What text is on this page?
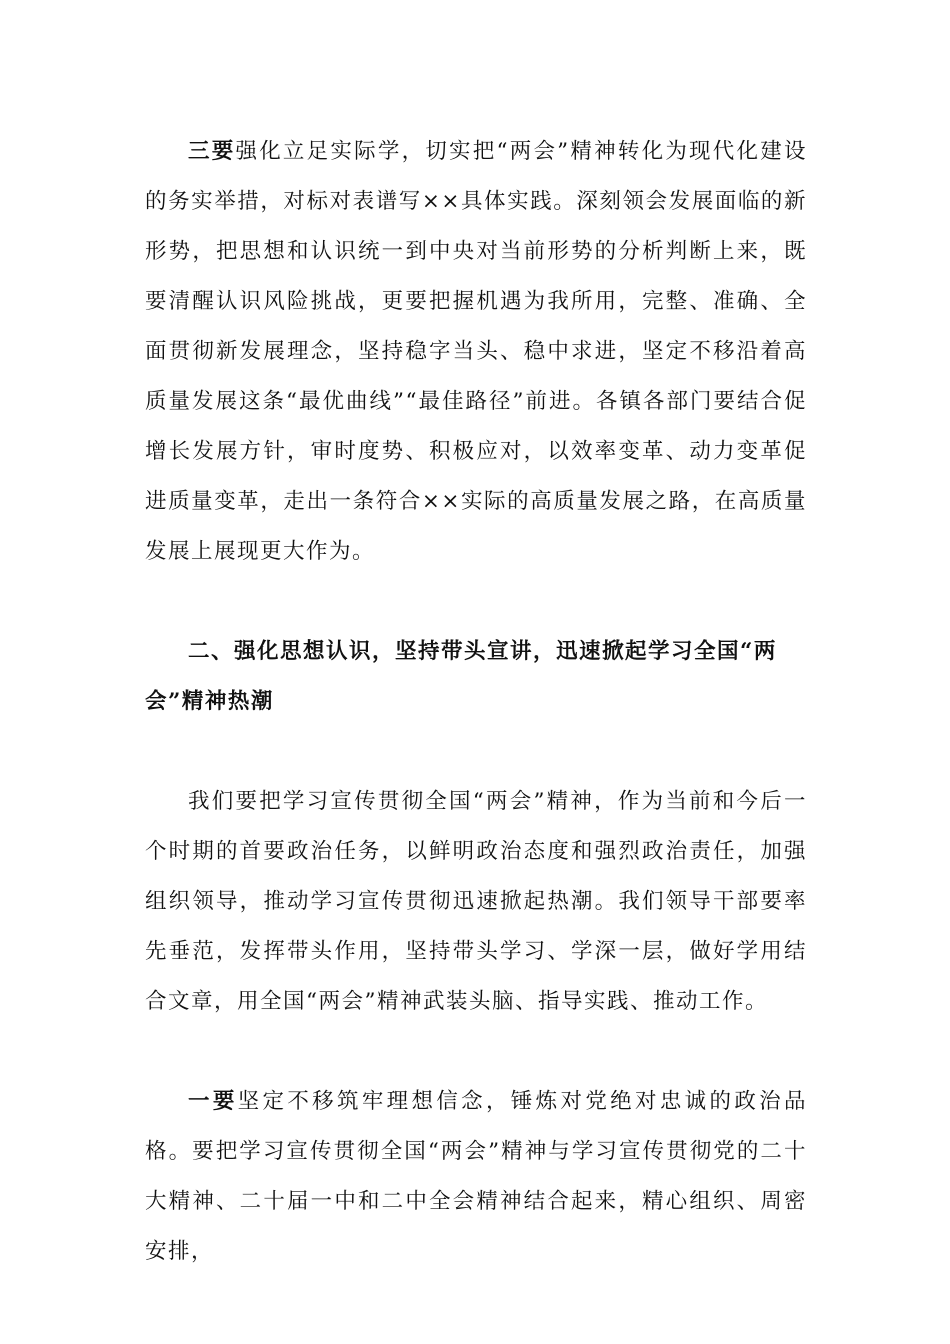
三要强化立足实际学，切实把“两会”精神转化为现代化建设的务实举措，对标对表谱写××具体实践。深刻领会发展面临的新形势，把思想和认识统一到中央对当前形势的分析判断上来，既要清醒认识风险挑战，更要把握机遇为我所用，完整、准确、全面贯彻新发展理念，坚持稳字当头、稳中求进，坚定不移沿着高质量发展这条“最优曲线”“最佳路径”前进。各镇各部门要结合促增长发展方针，审时度势、积极应对，以效率变革、动力变革促进质量变革，走出一条符合××实际的高质量发展之路，在高质量发展上展现更大作为。

二、强化思想认识，坚持带头宣讲，迅速掀起学习全国“两会”精神热潮

我们要把学习宣传贯彻全国“两会”精神，作为当前和今后一个时期的首要政治任务，以鲜明政治态度和强烈政治责任，加强组织领导，推动学习宣传贯彻迅速掀起热潮。我们领导干部要率先垂范，发挥带头作用，坚持带头学习、学深一层，做好学用结合文章，用全国“两会”精神武装头脑、指导实践、推动工作。

一要坚定不移筑牢理想信念，锤炼对党绝对忠诚的政治品格。要把学习宣传贯彻全国“两会”精神与学习宣传贯彻党的二十大精神、二十届一中和二中全会精神结合起来，精心组织、周密安排，
